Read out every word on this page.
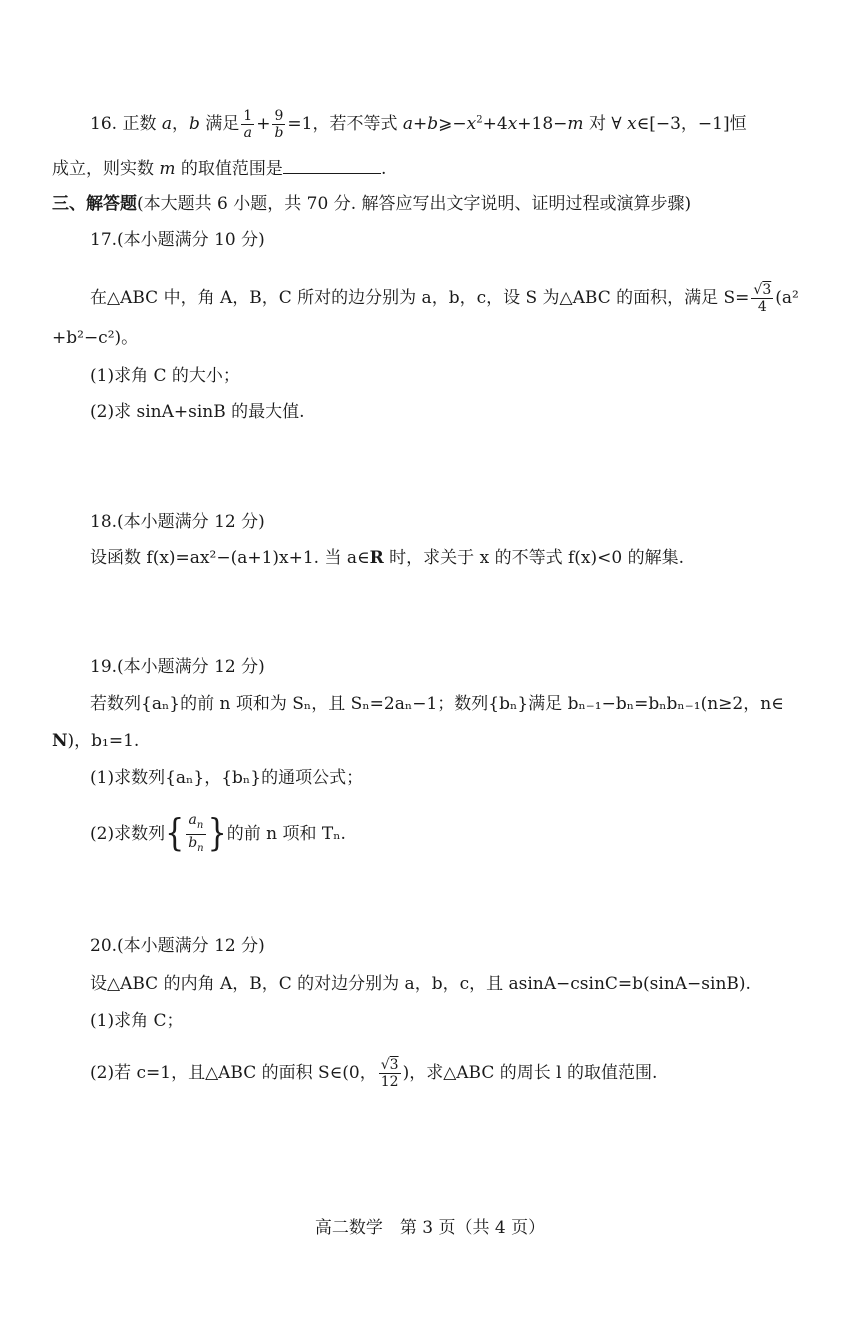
16. 正数 a，b 满足 $\frac{1}{a} + \frac{9}{b} =1$，若不等式 $a+b⩾-x^2+4x+18-m$ 对 ∀ x∈[−3，−1]恒
成立，则实数 m 的取值范围是	.
三、解答题(本大题共 6 小题，共 70 分. 解答应写出文字说明、证明过程或演算步骤)
17.(本小题满分 10 分)
在△ABC 中，角 A，B，C 所对的边分别为 a，b，c，设 S 为△ABC 的面积，满足 $S= \frac{√3}{4} (a^2$
+b²−c²)。
(1)求角 C 的大小；
(2)求 sinA+sinB 的最大值.
18.(本小题满分 12 分)
设函数 f(x)=ax²−(a+1)x+1. 当 a∈R 时，求关于 x 的不等式 f(x)<0 的解集.
19.(本小题满分 12 分)
若数列{aₙ}的前 n 项和为 Sₙ，且 Sₙ=2aₙ−1；数列{bₙ}满足 bₙ₋₁−bₙ=bₙbₙ₋₁(n≥2，n∈
N)，b₁=1.
(1)求数列{aₙ}，{bₙ}的通项公式；
(2)求数列{ $\frac{a_n}{b_n}$ }的前 n 项和 Tₙ.
20.(本小题满分 12 分)
设△ABC 的内角 A，B，C 的对边分别为 a，b，c，且 asinA−csinC=b(sinA−sinB).
(1)求角 C；
(2)若 c=1，且△ABC 的面积 S∈(0， $\frac{√3}{12}$ )，求△ABC 的周长 l 的取值范围.
高二数学　第 3 页（共 4 页）
